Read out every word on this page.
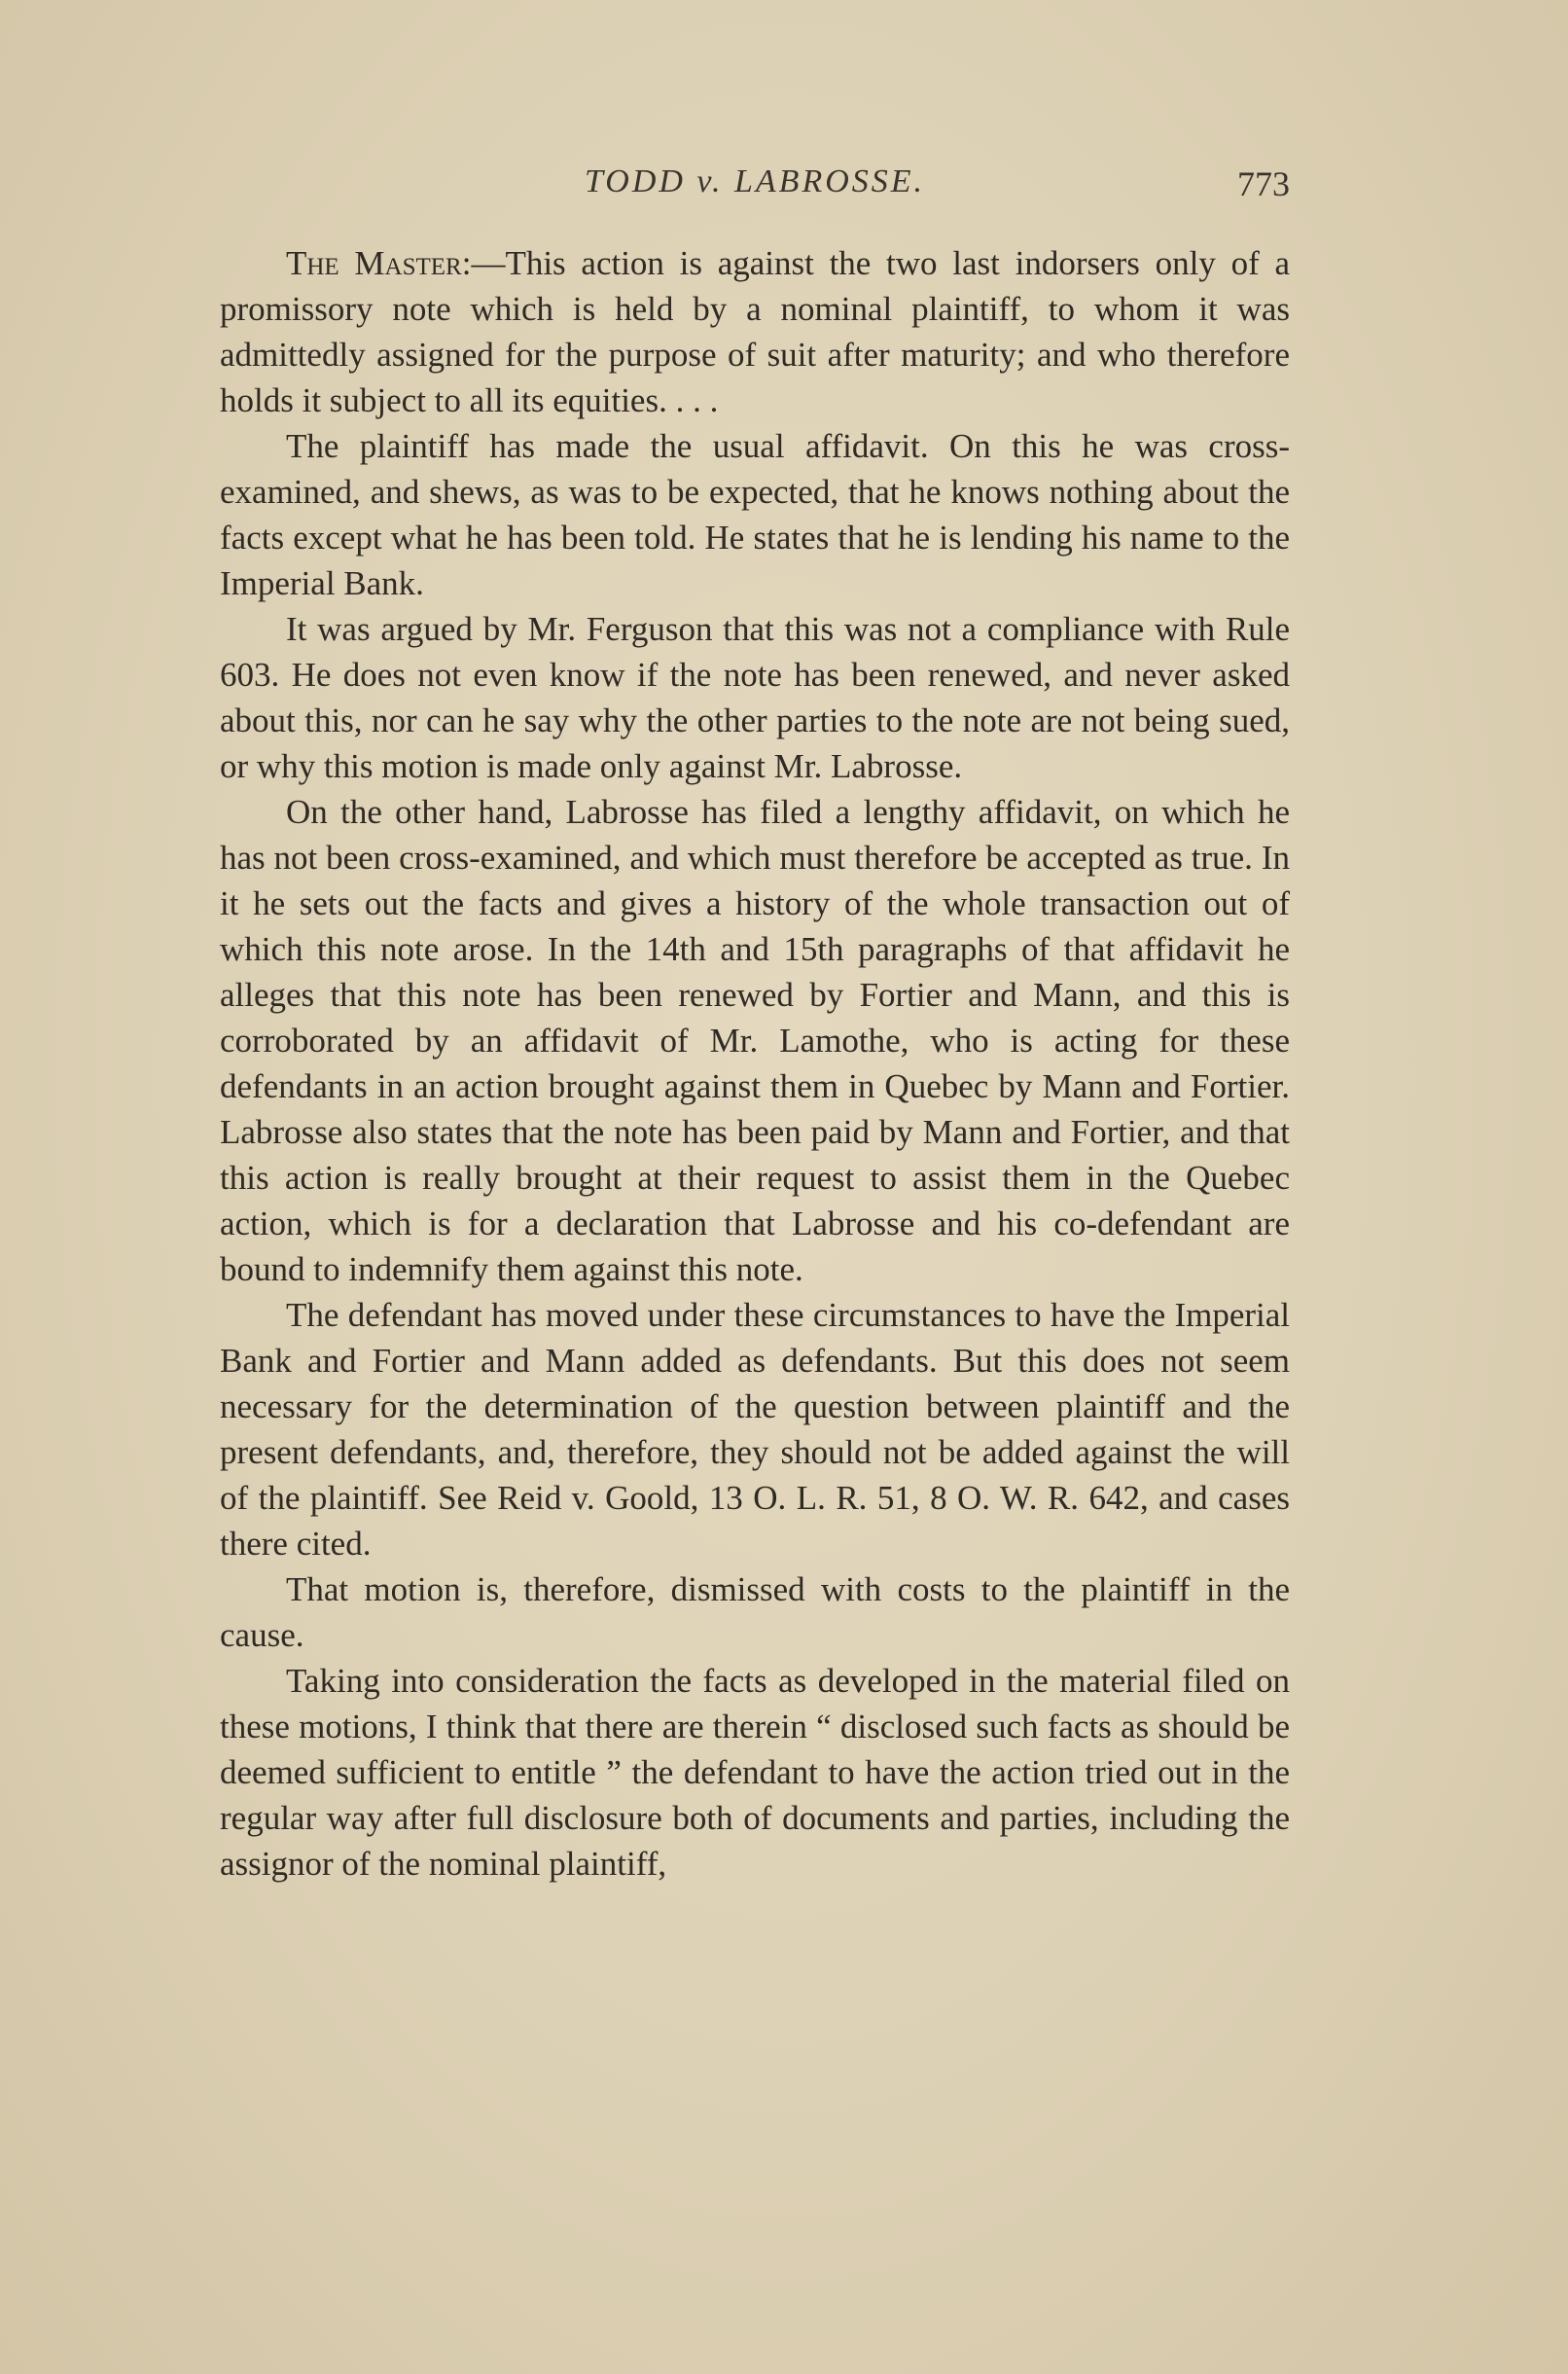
TODD v. LABROSSE.	773

The Master:—This action is against the two last indorsers only of a promissory note which is held by a nominal plaintiff, to whom it was admittedly assigned for the purpose of suit after maturity; and who therefore holds it subject to all its equities. . . .

The plaintiff has made the usual affidavit. On this he was cross-examined, and shews, as was to be expected, that he knows nothing about the facts except what he has been told. He states that he is lending his name to the Imperial Bank.

It was argued by Mr. Ferguson that this was not a compliance with Rule 603. He does not even know if the note has been renewed, and never asked about this, nor can he say why the other parties to the note are not being sued, or why this motion is made only against Mr. Labrosse.

On the other hand, Labrosse has filed a lengthy affidavit, on which he has not been cross-examined, and which must therefore be accepted as true. In it he sets out the facts and gives a history of the whole transaction out of which this note arose. In the 14th and 15th paragraphs of that affidavit he alleges that this note has been renewed by Fortier and Mann, and this is corroborated by an affidavit of Mr. Lamothe, who is acting for these defendants in an action brought against them in Quebec by Mann and Fortier. Labrosse also states that the note has been paid by Mann and Fortier, and that this action is really brought at their request to assist them in the Quebec action, which is for a declaration that Labrosse and his co-defendant are bound to indemnify them against this note.

The defendant has moved under these circumstances to have the Imperial Bank and Fortier and Mann added as defendants. But this does not seem necessary for the determination of the question between plaintiff and the present defendants, and, therefore, they should not be added against the will of the plaintiff. See Reid v. Goold, 13 O. L. R. 51, 8 O. W. R. 642, and cases there cited.

That motion is, therefore, dismissed with costs to the plaintiff in the cause.

Taking into consideration the facts as developed in the material filed on these motions, I think that there are therein “ disclosed such facts as should be deemed sufficient to entitle ” the defendant to have the action tried out in the regular way after full disclosure both of documents and parties, including the assignor of the nominal plaintiff,
